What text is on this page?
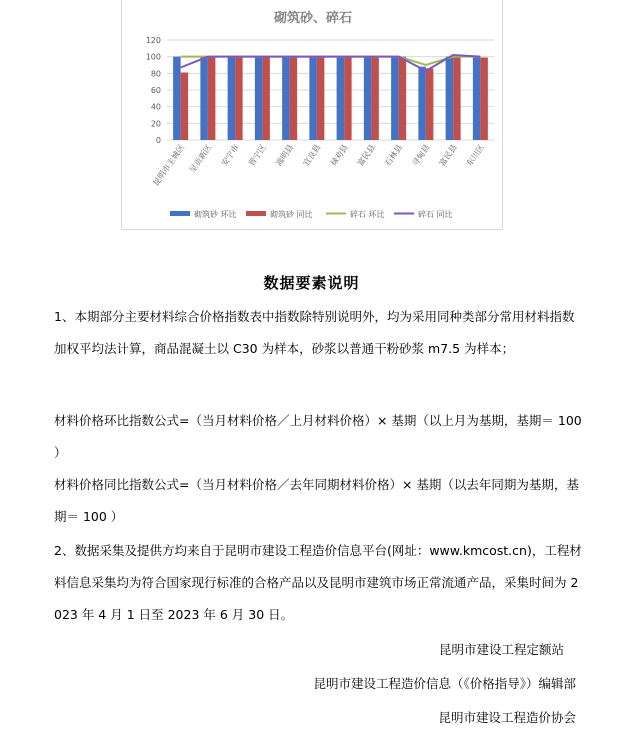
砌筑砂、碎石
0
20
40
60
80
100
120
昆明市主城区 呈贡新区 安宁市 晋宁区 嵩明县 宜良县 禄劝县 富民县 石林县 寻甸县 富民县 东川区
砌筑砂 环比	砌筑砂 同比	碎石 环比	碎石 同比
数据要素说明
1、本期部分主要材料综合价格指数表中指数除特别说明外，均为采用同种类部分常用材料指数加权平均法计算，商品混凝土以 C30 为样本，砂浆以普通干粉砂浆 m7.5 为样本；
材料价格环比指数公式=（当月材料价格／上月材料价格）× 基期（以上月为基期，基期＝ 100 ）
材料价格同比指数公式=（当月材料价格／去年同期材料价格）× 基期（以去年同期为基期，基期＝ 100 ）
2、数据采集及提供方均来自于昆明市建设工程造价信息平台(网址：www.kmcost.cn)，工程材料信息采集均为符合国家现行标准的合格产品以及昆明市建筑市场正常流通产品，采集时间为 2023 年 4 月 1 日至 2023 年 6 月 30 日。
昆明市建设工程定额站
昆明市建设工程造价信息（《价格指导》）编辑部
昆明市建设工程造价协会
